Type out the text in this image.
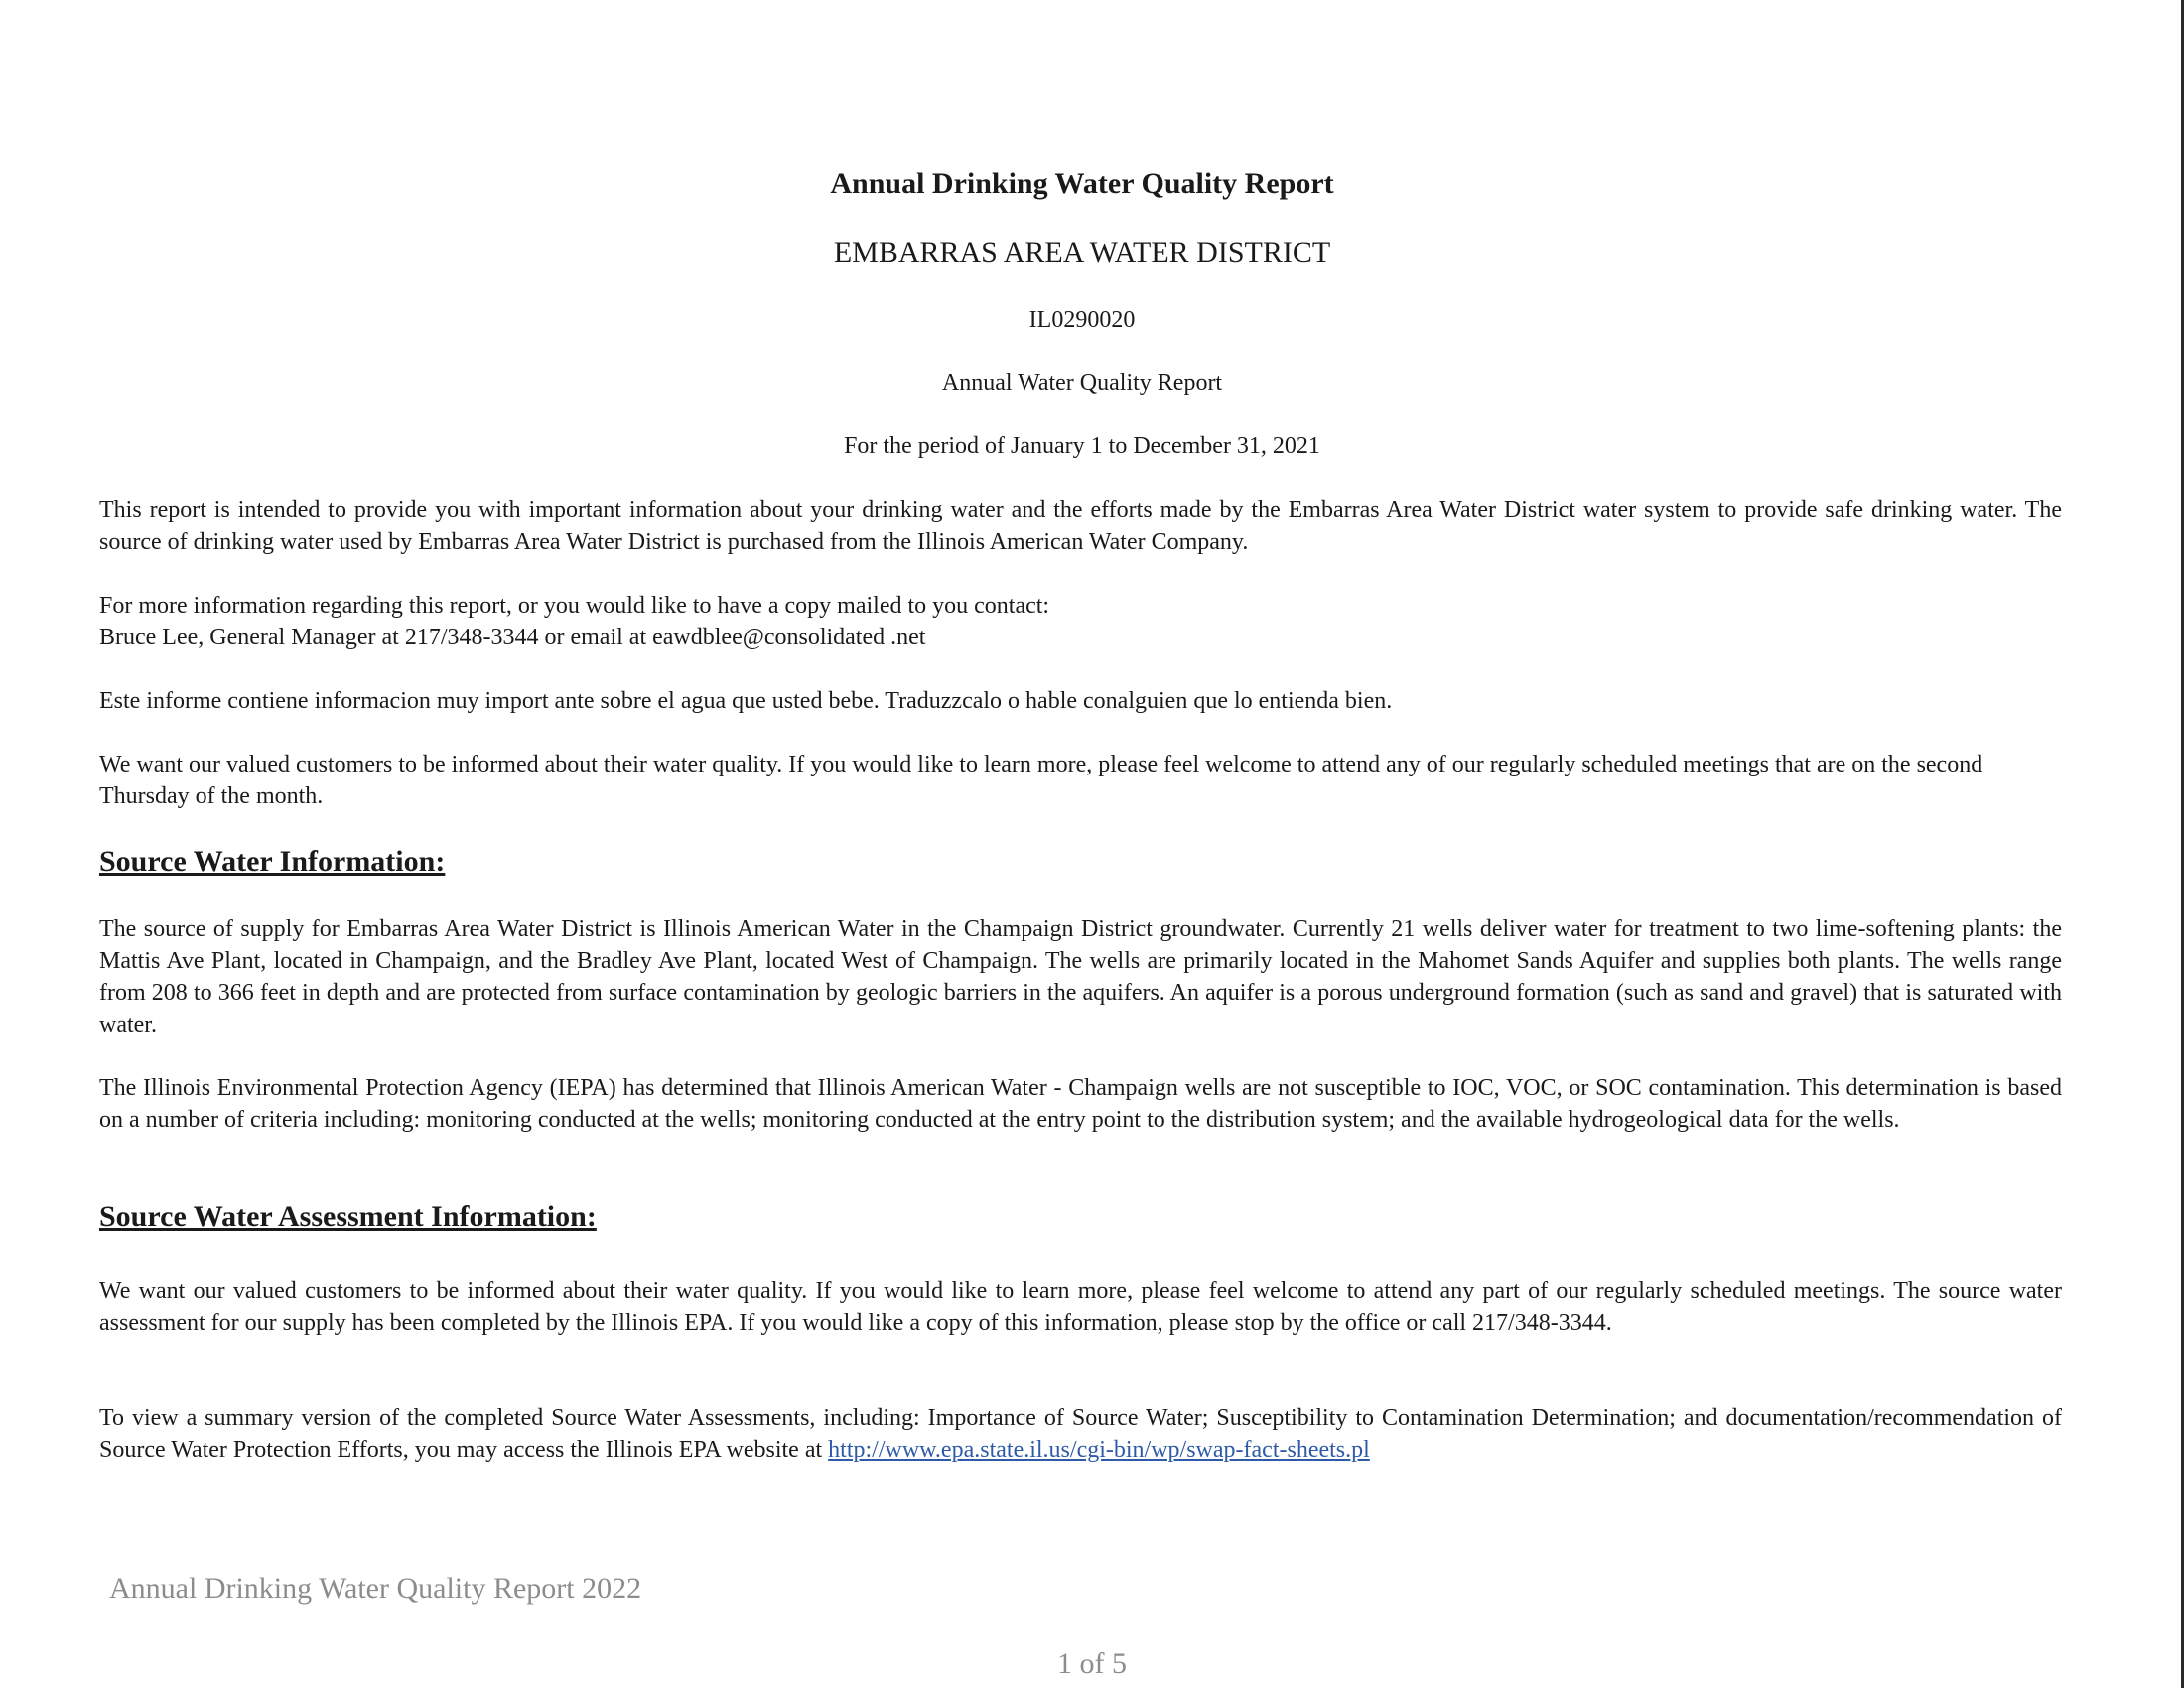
Annual Drinking Water Quality Report
EMBARRAS AREA WATER DISTRICT
IL0290020
Annual Water Quality Report
For the period of January 1 to December 31, 2021

This report is intended to provide you with important information about your drinking water and the efforts made by the Embarras Area Water District water system to provide safe drinking water. The source of drinking water used by Embarras Area Water District is purchased from the Illinois American Water Company.

For more information regarding this report, or you would like to have a copy mailed to you contact:
Bruce Lee, General Manager at 217/348-3344 or email at eawdblee@consolidated .net

Este informe contiene informacion muy import ante sobre el agua que usted bebe. Traduzzcalo o hable conalguien que lo entienda bien.

We want our valued customers to be informed about their water quality. If you would like to learn more, please feel welcome to attend any of our regularly scheduled meetings that are on the second Thursday of the month.

Source Water Information:

The source of supply for Embarras Area Water District is Illinois American Water in the Champaign District groundwater. Currently 21 wells deliver water for treatment to two lime-softening plants: the Mattis Ave Plant, located in Champaign, and the Bradley Ave Plant, located West of Champaign. The wells are primarily located in the Mahomet Sands Aquifer and supplies both plants. The wells range from 208 to 366 feet in depth and are protected from surface contamination by geologic barriers in the aquifers. An aquifer is a porous underground formation (such as sand and gravel) that is saturated with water.

The Illinois Environmental Protection Agency (IEPA) has determined that Illinois American Water - Champaign wells are not susceptible to IOC, VOC, or SOC contamination. This determination is based on a number of criteria including: monitoring conducted at the wells; monitoring conducted at the entry point to the distribution system; and the available hydrogeological data for the wells.

Source Water Assessment Information:

We want our valued customers to be informed about their water quality. If you would like to learn more, please feel welcome to attend any part of our regularly scheduled meetings. The source water assessment for our supply has been completed by the Illinois EPA. If you would like a copy of this information, please stop by the office or call 217/348-3344.

To view a summary version of the completed Source Water Assessments, including: Importance of Source Water; Susceptibility to Contamination Determination; and documentation/recommendation of Source Water Protection Efforts, you may access the Illinois EPA website at http://www.epa.state.il.us/cgi-bin/wp/swap-fact-sheets.pl

Annual Drinking Water Quality Report 2022
1 of 5
